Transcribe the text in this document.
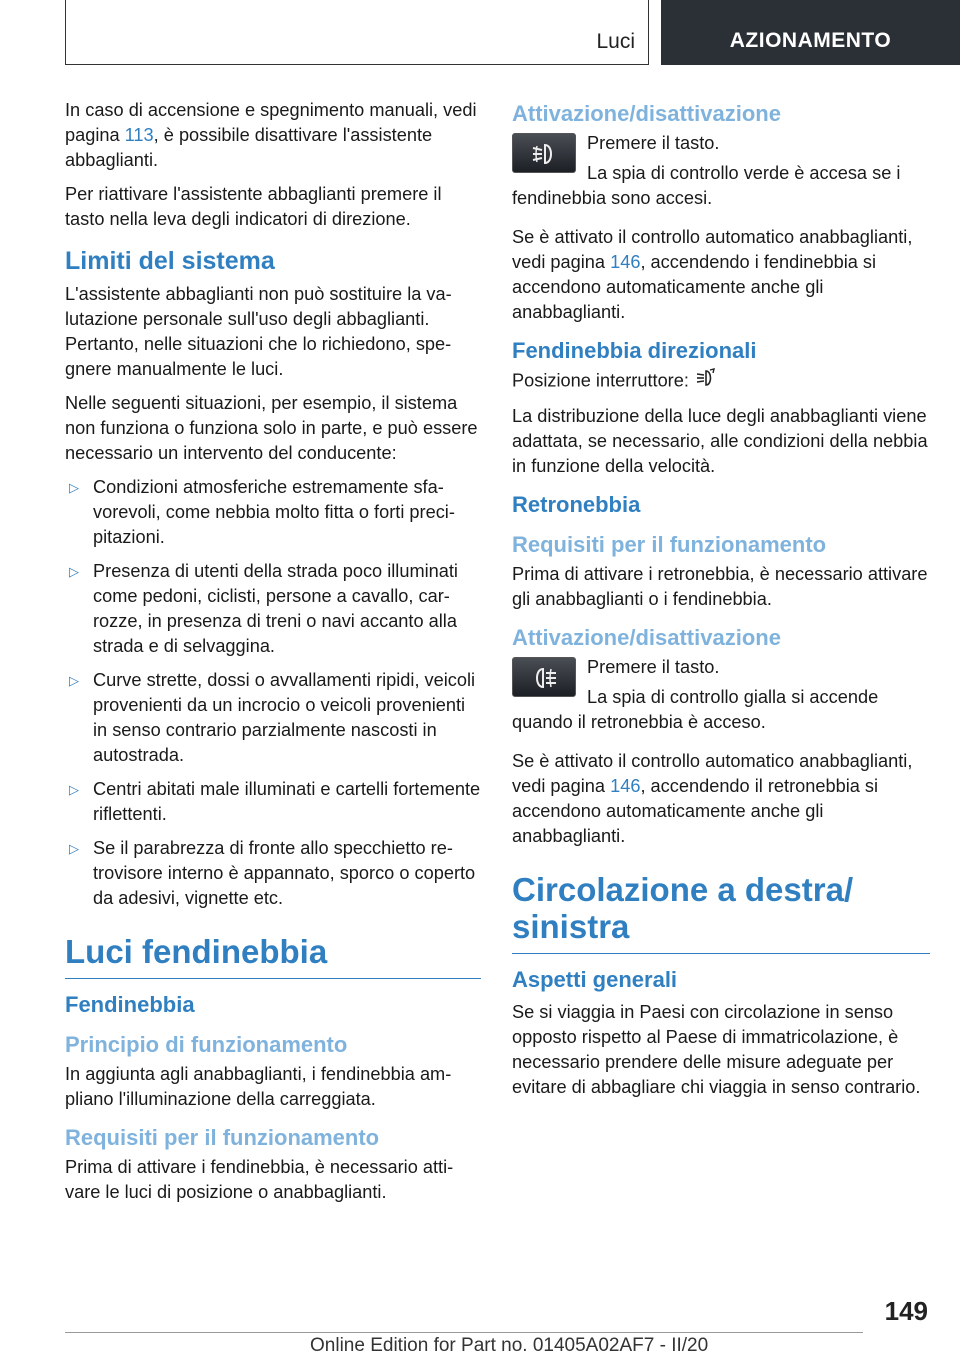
Luci	AZIONAMENTO

In caso di accensione e spegnimento manuali, vedi pagina 113, è possibile disattivare l'assistente abbaglianti.

Per riattivare l'assistente abbaglianti premere il tasto nella leva degli indicatori di direzione.

Limiti del sistema

L'assistente abbaglianti non può sostituire la valutazione personale sull'uso degli abbaglianti. Pertanto, nelle situazioni che lo richiedono, spegnere manualmente le luci.

Nelle seguenti situazioni, per esempio, il sistema non funziona o funziona solo in parte, e può essere necessario un intervento del conducente:

▷ Condizioni atmosferiche estremamente sfavorevoli, come nebbia molto fitta o forti precipitazioni.
▷ Presenza di utenti della strada poco illuminati come pedoni, ciclisti, persone a cavallo, carrozze, in presenza di treni o navi accanto alla strada e di selvaggina.
▷ Curve strette, dossi o avvallamenti ripidi, veicoli provenienti da un incrocio o veicoli provenienti in senso contrario parzialmente nascosti in autostrada.
▷ Centri abitati male illuminati e cartelli fortemente riflettenti.
▷ Se il parabrezza di fronte allo specchietto retrovisore interno è appannato, sporco o coperto da adesivi, vignette etc.
Luci fendinebbia
Fendinebbia
Principio di funzionamento

In aggiunta agli anabbaglianti, i fendinebbia ampliano l'illuminazione della carreggiata.

Requisiti per il funzionamento

Prima di attivare i fendinebbia, è necessario attivare le luci di posizione o anabbaglianti.

Attivazione/disattivazione

Premere il tasto.

La spia di controllo verde è accesa se i fendinebbia sono accesi.

Se è attivato il controllo automatico anabbaglianti, vedi pagina 146, accendendo i fendinebbia si accendono automaticamente anche gli anabbaglianti.

Fendinebbia direzionali

Posizione interruttore:

La distribuzione della luce degli anabbaglianti viene adattata, se necessario, alle condizioni della nebbia in funzione della velocità.

Retronebbia
Requisiti per il funzionamento

Prima di attivare i retronebbia, è necessario attivare gli anabbaglianti o i fendinebbia.

Attivazione/disattivazione

Premere il tasto.

La spia di controllo gialla si accende quando il retronebbia è acceso.

Se è attivato il controllo automatico anabbaglianti, vedi pagina 146, accendendo il retronebbia si accendono automaticamente anche gli anabbaglianti.

Circolazione a destra/ sinistra
Aspetti generali

Se si viaggia in Paesi con circolazione in senso opposto rispetto al Paese di immatricolazione, è necessario prendere delle misure adeguate per evitare di abbagliare chi viaggia in senso contrario.

149
Online Edition for Part no. 01405A02AF7 - II/20
